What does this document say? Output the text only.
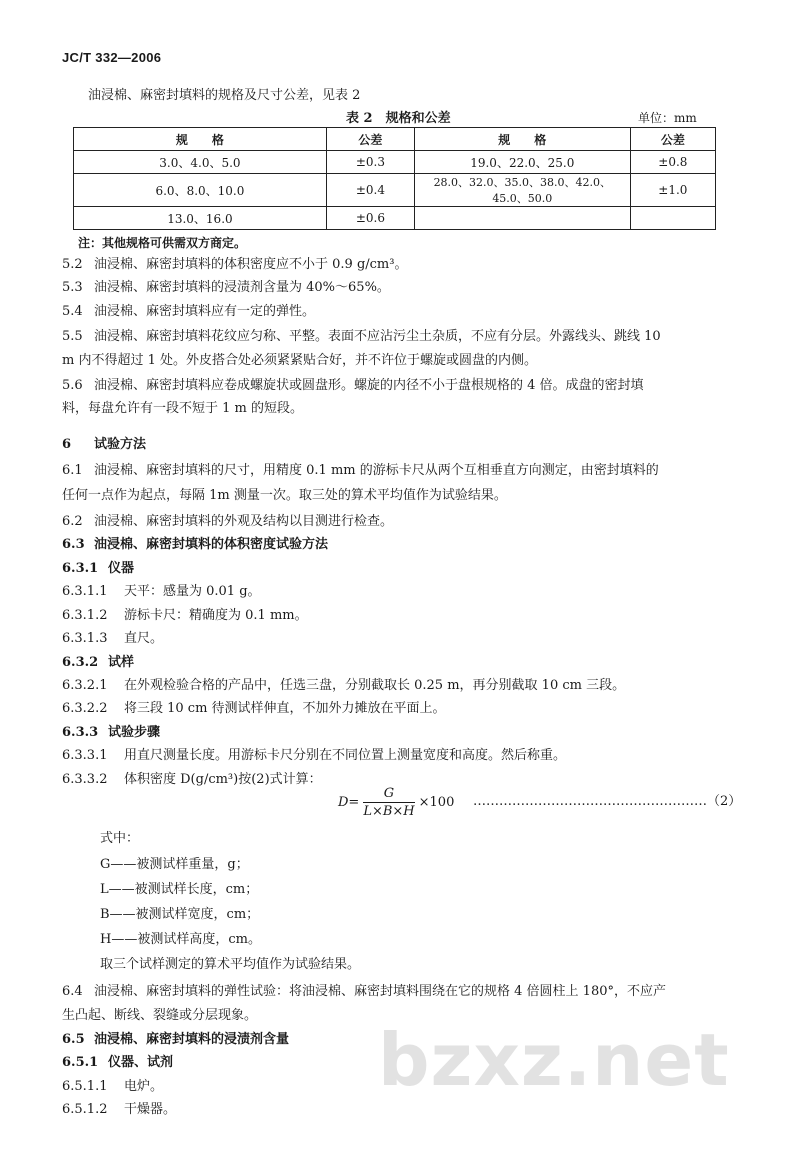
JC/T 332—2006
油浸棉、麻密封填料的规格及尺寸公差，见表 2
表 2　规格和公差	单位：mm
规　　格	公差	规　　格	公差
3.0、4.0、5.0	±0.3	19.0、22.0、25.0	±0.8
6.0、8.0、10.0	±0.4	28.0、32.0、35.0、38.0、42.0、45.0、50.0	±1.0
13.0、16.0	±0.6		
注：其他规格可供需双方商定。
5.2 油浸棉、麻密封填料的体积密度应不小于 0.9 g/cm³。
5.3 油浸棉、麻密封填料的浸渍剂含量为 40%～65%。
5.4 油浸棉、麻密封填料应有一定的弹性。
5.5 油浸棉、麻密封填料花纹应匀称、平整。表面不应沾污尘土杂质，不应有分层。外露线头、跳线 10
m 内不得超过 1 处。外皮搭合处必须紧紧贴合好，并不许位于螺旋或圆盘的内侧。
5.6 油浸棉、麻密封填料应卷成螺旋状或圆盘形。螺旋的内径不小于盘根规格的 4 倍。成盘的密封填
料，每盘允许有一段不短于 1 m 的短段。
6 试验方法
6.1 油浸棉、麻密封填料的尺寸，用精度 0.1 mm 的游标卡尺从两个互相垂直方向测定，由密封填料的
任何一点作为起点，每隔 1m 测量一次。取三处的算术平均值作为试验结果。
6.2 油浸棉、麻密封填料的外观及结构以目测进行检查。
6.3 油浸棉、麻密封填料的体积密度试验方法
6.3.1 仪器
6.3.1.1 天平：感量为 0.01 g。
6.3.1.2 游标卡尺：精确度为 0.1 mm。
6.3.1.3 直尺。
6.3.2 试样
6.3.2.1 在外观检验合格的产品中，任选三盘，分别截取长 0.25 m，再分别截取 10 cm 三段。
6.3.2.2 将三段 10 cm 待测试样伸直，不加外力摊放在平面上。
6.3.3 试验步骤
6.3.3.1 用直尺测量长度。用游标卡尺分别在不同位置上测量宽度和高度。然后称重。
6.3.3.2 体积密度 D(g/cm³)按(2)式计算：
$D= \frac{G}{L\times B\times H} \times 100$ ………………………………………………（2）
式中：
G——被测试样重量，g；
L——被测试样长度，cm；
B——被测试样宽度，cm；
H——被测试样高度，cm。
取三个试样测定的算术平均值作为试验结果。
6.4 油浸棉、麻密封填料的弹性试验：将油浸棉、麻密封填料围绕在它的规格 4 倍圆柱上 180°，不应产
生凸起、断线、裂缝或分层现象。
6.5 油浸棉、麻密封填料的浸渍剂含量
6.5.1 仪器、试剂
6.5.1.1 电炉。
6.5.1.2 干燥器。
bzxz.net
